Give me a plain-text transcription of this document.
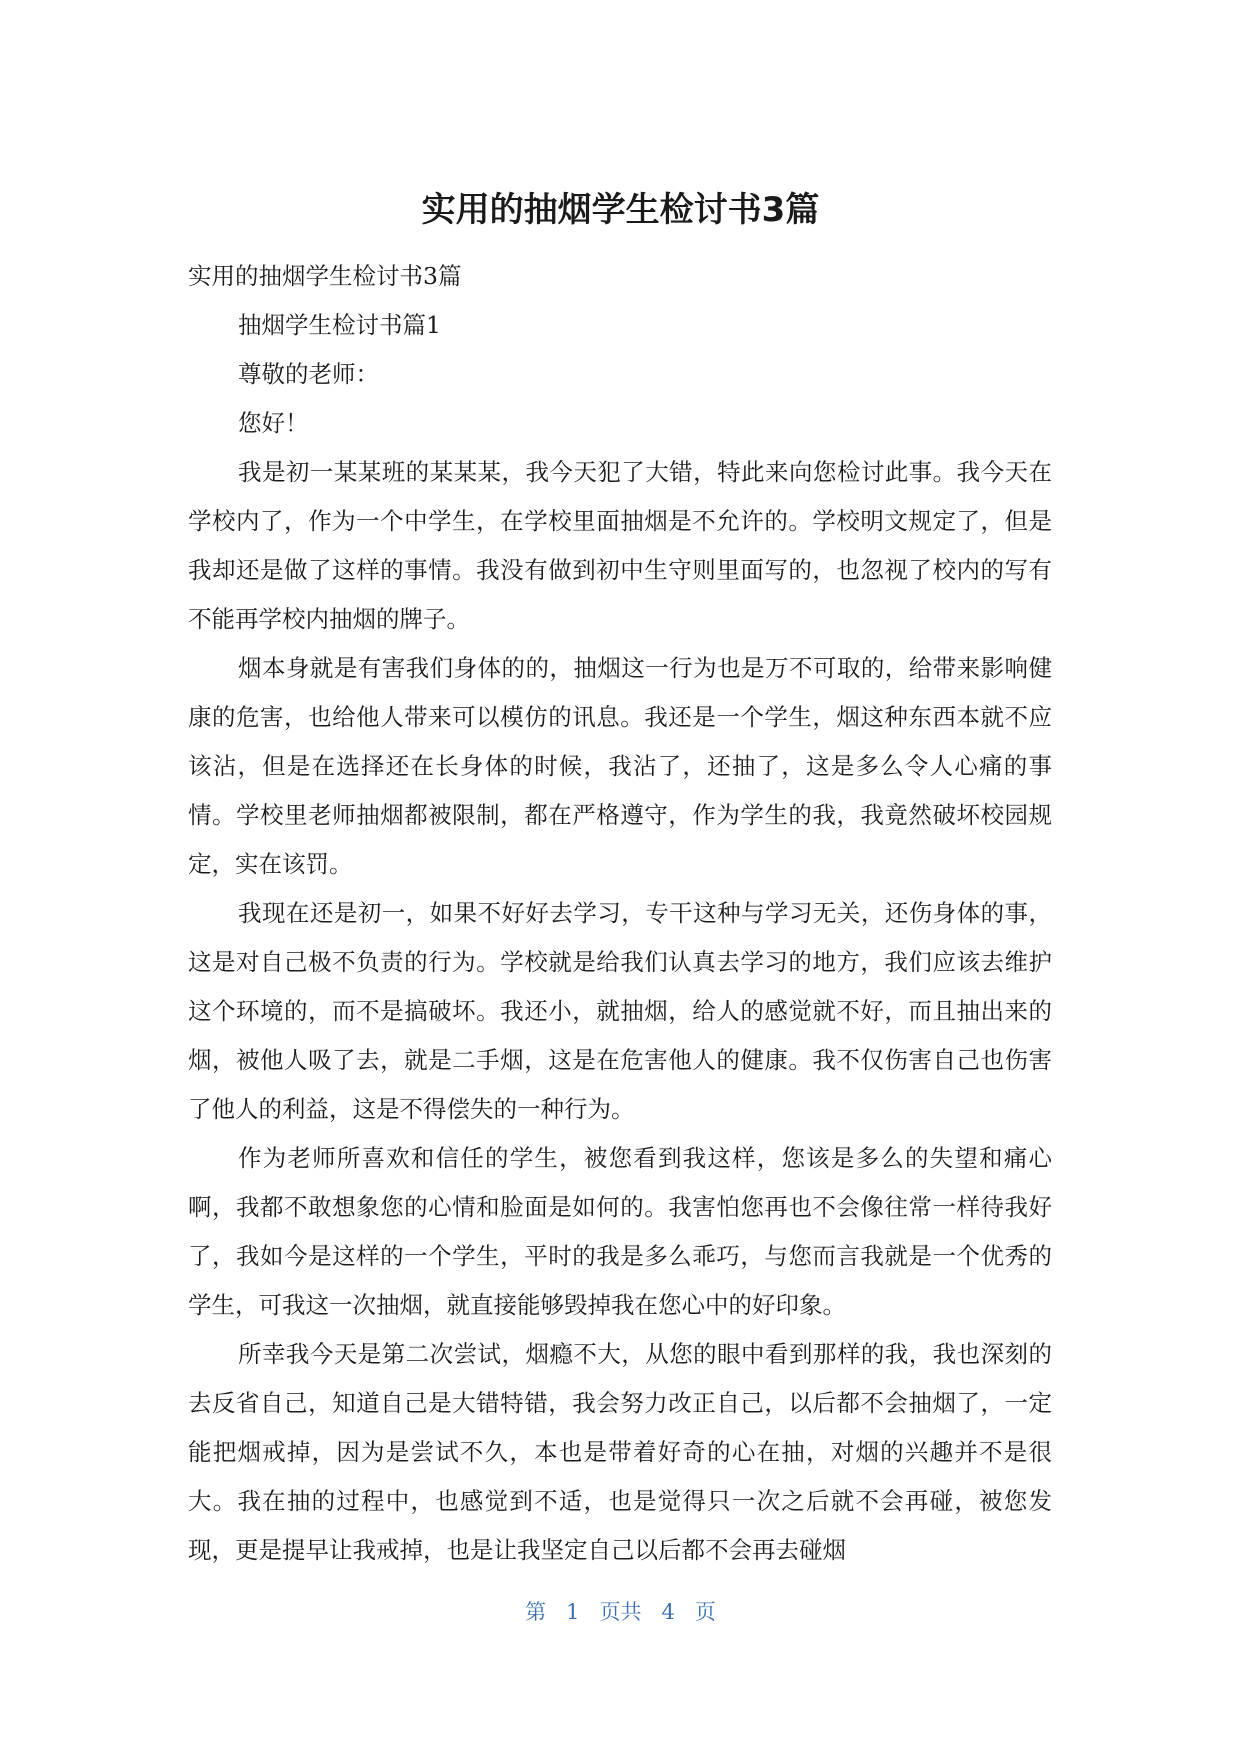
实用的抽烟学生检讨书3篇

实用的抽烟学生检讨书3篇

抽烟学生检讨书篇1

尊敬的老师：

您好！

我是初一某某班的某某某，我今天犯了大错，特此来向您检讨此事。我今天在学校内了，作为一个中学生，在学校里面抽烟是不允许的。学校明文规定了，但是我却还是做了这样的事情。我没有做到初中生守则里面写的，也忽视了校内的写有不能再学校内抽烟的牌子。

烟本身就是有害我们身体的的，抽烟这一行为也是万不可取的，给带来影响健康的危害，也给他人带来可以模仿的讯息。我还是一个学生，烟这种东西本就不应该沾，但是在选择还在长身体的时候，我沾了，还抽了，这是多么令人心痛的事情。学校里老师抽烟都被限制，都在严格遵守，作为学生的我，我竟然破坏校园规定，实在该罚。

我现在还是初一，如果不好好去学习，专干这种与学习无关，还伤身体的事，这是对自己极不负责的行为。学校就是给我们认真去学习的地方，我们应该去维护这个环境的，而不是搞破坏。我还小，就抽烟，给人的感觉就不好，而且抽出来的烟，被他人吸了去，就是二手烟，这是在危害他人的健康。我不仅伤害自己也伤害了他人的利益，这是不得偿失的一种行为。

作为老师所喜欢和信任的学生，被您看到我这样，您该是多么的失望和痛心啊，我都不敢想象您的心情和脸面是如何的。我害怕您再也不会像往常一样待我好了，我如今是这样的一个学生，平时的我是多么乖巧，与您而言我就是一个优秀的学生，可我这一次抽烟，就直接能够毁掉我在您心中的好印象。

所幸我今天是第二次尝试，烟瘾不大，从您的眼中看到那样的我，我也深刻的去反省自己，知道自己是大错特错，我会努力改正自己，以后都不会抽烟了，一定能把烟戒掉，因为是尝试不久，本也是带着好奇的心在抽，对烟的兴趣并不是很大。我在抽的过程中，也感觉到不适，也是觉得只一次之后就不会再碰，被您发现，更是提早让我戒掉，也是让我坚定自己以后都不会再去碰烟

第 1 页共 4 页
